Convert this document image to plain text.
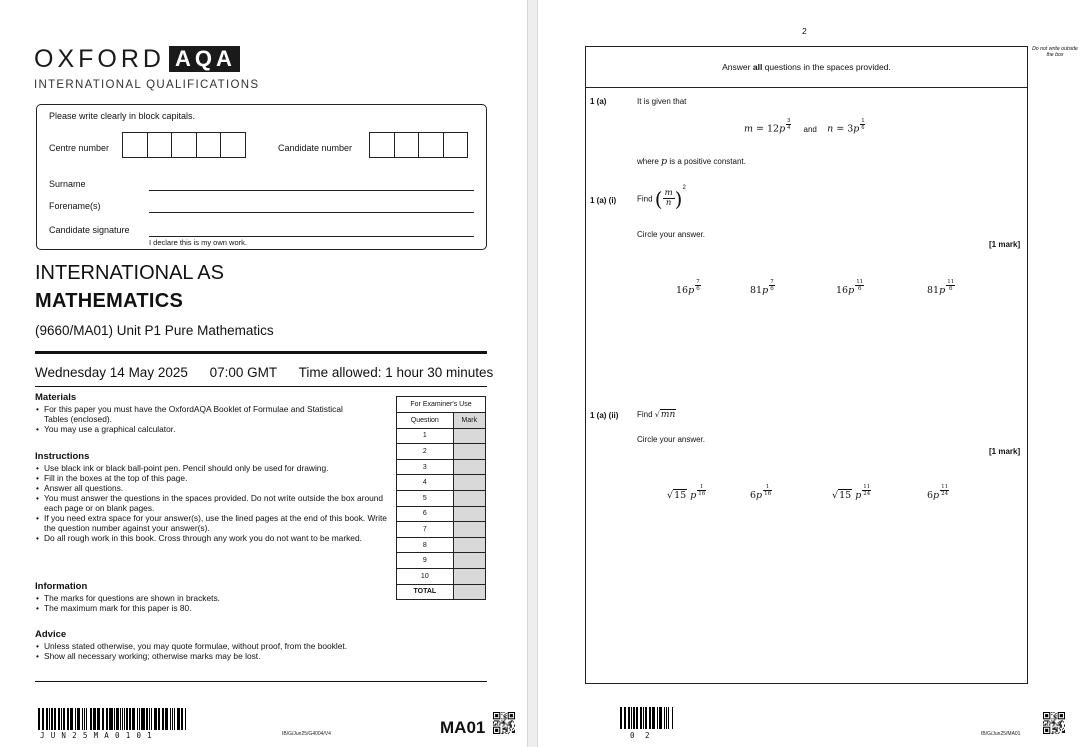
OXFORD AQA
INTERNATIONAL QUALIFICATIONS
Please write clearly in block capitals.
Centre number	Candidate number
Surname
Forename(s)
Candidate signature
I declare this is my own work.
INTERNATIONAL AS
MATHEMATICS
(9660/MA01) Unit P1 Pure Mathematics
Wednesday 14 May 2025 07:00 GMT Time allowed: 1 hour 30 minutes
Materials
• For this paper you must have the OxfordAQA Booklet of Formulae and Statistical Tables (enclosed).
• You may use a graphical calculator.
Instructions
• Use black ink or black ball-point pen. Pencil should only be used for drawing.
• Fill in the boxes at the top of this page.
• Answer all questions.
• You must answer the questions in the spaces provided. Do not write outside the box around each page or on blank pages.
• If you need extra space for your answer(s), use the lined pages at the end of this book. Write the question number against your answer(s).
• Do all rough work in this book. Cross through any work you do not want to be marked.
Information
• The marks for questions are shown in brackets.
• The maximum mark for this paper is 80.
Advice
• Unless stated otherwise, you may quote formulae, without proof, from the booklet.
• Show all necessary working; otherwise marks may be lost.
For Examiner's Use	
Question	Mark
1	
2	
3	
4	
5	
6	
7	
8	
9	
10	
TOTAL	
JUN25MA0101	IB/G/Jun25/G4004/V4	MA01
2
Do not write outside the box
Answer all questions in the spaces provided.
1 (a)	It is given that
$m = 12p \frac{3}{4}$ and $n = 3p \frac{1}{6}$
where p is a positive constant.
1 (a) (i)	Find ( $\frac{m}{n} )^2$
Circle your answer.
[1 mark]
$16p \frac{7}{6}$	$81p \frac{7}{6}$	$16p \frac{11}{6}$	$81p \frac{11}{6}$
1 (a) (ii) Find √mn
Circle your answer.
[1 mark]
√15 p $\frac{1}{16}$	$6p \frac{1}{16}$	√15 p $\frac{11}{24}$	$6p \frac{11}{24}$
0 2	IB/G/Jun25/MA01
